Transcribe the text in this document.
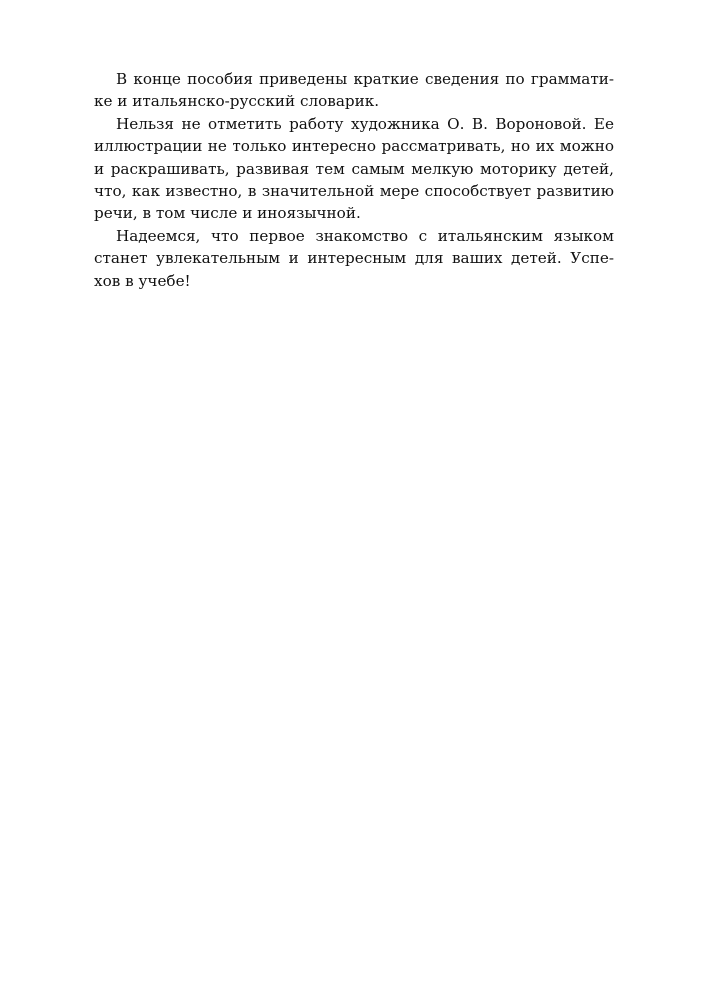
В конце пособия приведены краткие сведения по граммати-
ке и итальянско-русский словарик.
Нельзя не отметить работу художника О. В. Вороновой. Ее
иллюстрации не только интересно рассматривать, но их можно
и раскрашивать, развивая тем самым мелкую моторику детей,
что, как известно, в значительной мере способствует развитию
речи, в том числе и иноязычной.
Надеемся, что первое знакомство с итальянским языком
станет увлекательным и интересным для ваших детей. Успе-
хов в учебе!
